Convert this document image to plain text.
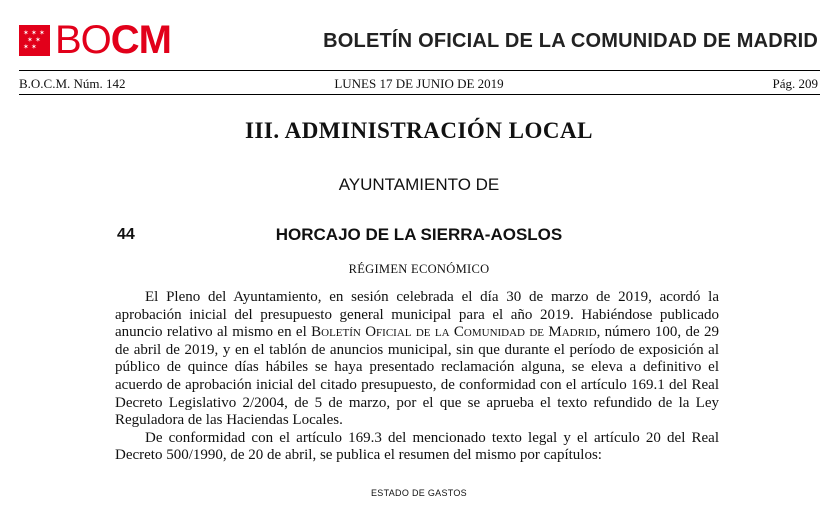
✶ ✶ ✶
✶ ✶
✶ ✶ BOCM	BOLETÍN OFICIAL DE LA COMUNIDAD DE MADRID
B.O.C.M. Núm. 142	LUNES 17 DE JUNIO DE 2019	Pág. 209
III. ADMINISTRACIÓN LOCAL
AYUNTAMIENTO DE
44	HORCAJO DE LA SIERRA-AOSLOS
RÉGIMEN ECONÓMICO

El Pleno del Ayuntamiento, en sesión celebrada el día 30 de marzo de 2019, acordó la aprobación inicial del presupuesto general municipal para el año 2019. Habiéndose publicado anuncio relativo al mismo en el Boletín Oficial de la Comunidad de Madrid, número 100, de 29 de abril de 2019, y en el tablón de anuncios municipal, sin que durante el período de exposición al público de quince días hábiles se haya presentado reclamación alguna, se eleva a definitivo el acuerdo de aprobación inicial del citado presupuesto, de conformidad con el artículo 169.1 del Real Decreto Legislativo 2/2004, de 5 de marzo, por el que se aprueba el texto refundido de la Ley Reguladora de las Haciendas Locales.

De conformidad con el artículo 169.3 del mencionado texto legal y el artículo 20 del Real Decreto 500/1990, de 20 de abril, se publica el resumen del mismo por capítulos:

ESTADO DE GASTOS
